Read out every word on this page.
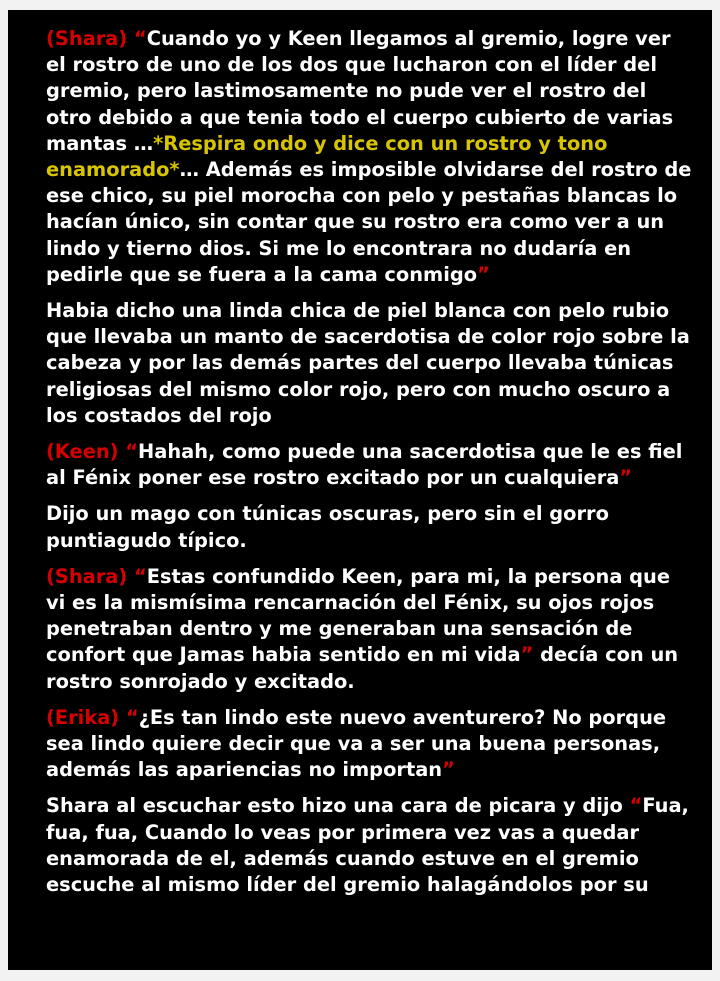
(Shara) “Cuando yo y Keen llegamos al gremio, logre ver el rostro de uno de los dos que lucharon con el líder del gremio, pero lastimosamente no pude ver el rostro del otro debido a que tenia todo el cuerpo cubierto de varias mantas …*Respira ondo y dice con un rostro y tono enamorado*… Además es imposible olvidarse del rostro de ese chico, su piel morocha con pelo y pestañas blancas lo hacían único, sin contar que su rostro era como ver a un lindo y tierno dios. Si me lo encontrara no dudaría en pedirle que se fuera a la cama conmigo”

Habia dicho una linda chica de piel blanca con pelo rubio que llevaba un manto de sacerdotisa de color rojo sobre la cabeza y por las demás partes del cuerpo llevaba túnicas religiosas del mismo color rojo, pero con mucho oscuro a los costados del rojo

(Keen) “Hahah, como puede una sacerdotisa que le es fiel al Fénix poner ese rostro excitado por un cualquiera”

Dijo un mago con túnicas oscuras, pero sin el gorro puntiagudo típico.

(Shara) “Estas confundido Keen, para mi, la persona que vi es la mismísima rencarnación del Fénix, su ojos rojos penetraban dentro y me generaban una sensación de confort que Jamas habia sentido en mi vida” decía con un rostro sonrojado y excitado.

(Erika) “¿Es tan lindo este nuevo aventurero? No porque sea lindo quiere decir que va a ser una buena personas, además las apariencias no importan”

Shara al escuchar esto hizo una cara de picara y dijo “Fua, fua, fua, Cuando lo veas por primera vez vas a quedar enamorada de el, además cuando estuve en el gremio escuche al mismo líder del gremio halagándolos por su
